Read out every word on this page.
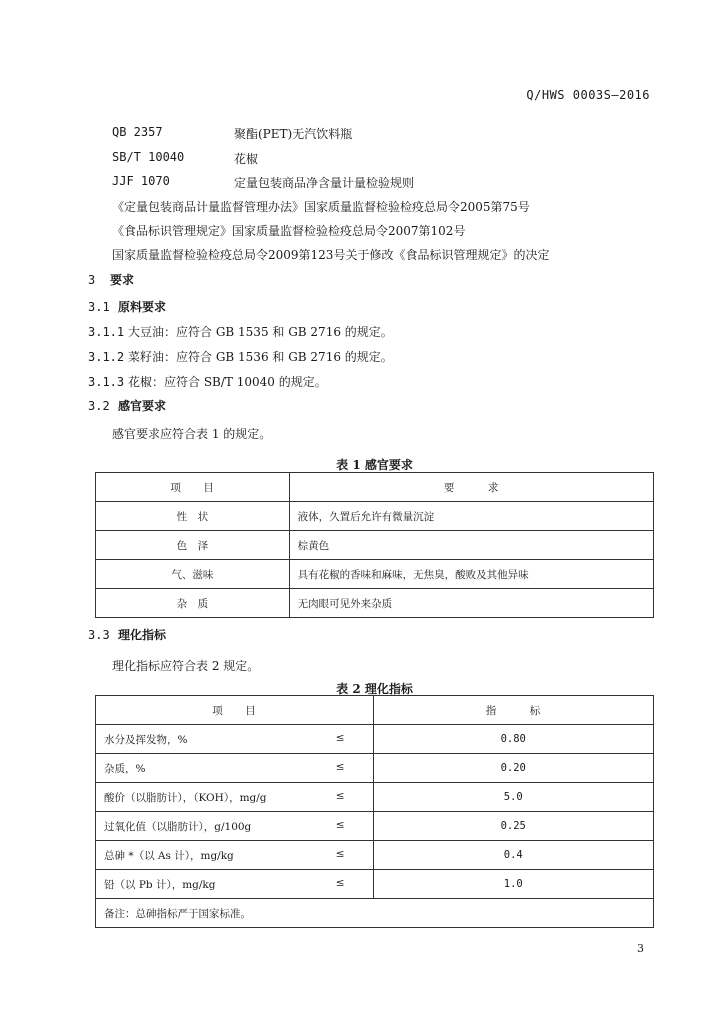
Q/HWS 0003S—2016
QB 2357	聚酯(PET)无汽饮料瓶
SB/T 10040	花椒
JJF 1070	定量包装商品净含量计量检验规则
《定量包装商品计量监督管理办法》国家质量监督检验检疫总局令2005第75号
《食品标识管理规定》国家质量监督检验检疫总局令2007第102号
国家质量监督检验检疫总局令2009第123号关于修改《食品标识管理规定》的决定
3 要求
3.1 原料要求
3.1.1 大豆油：应符合 GB 1535 和 GB 2716 的规定。
3.1.2 菜籽油：应符合 GB 1536 和 GB 2716 的规定。
3.1.3 花椒：应符合 SB/T 10040 的规定。
3.2 感官要求
感官要求应符合表 1 的规定。
表 1 感官要求
项　　目	要　　　求
性　状	液体，久置后允许有微量沉淀
色　泽	棕黄色
气、滋味	具有花椒的香味和麻味，无焦臭，酸败及其他异味
杂　质	无肉眼可见外来杂质
3.3 理化指标
理化指标应符合表 2 规定。
表 2 理化指标
项　　目	指　　　标
水分及挥发物，% ≤	0.80
杂质，% ≤	0.20
酸价（以脂肪计），（KOH），mg/g ≤	5.0
过氧化值（以脂肪计），g/100g ≤	0.25
总砷 *（以 As 计），mg/kg ≤	0.4
铅（以 Pb 计），mg/kg ≤	1.0
备注：总砷指标严于国家标准。	
3
